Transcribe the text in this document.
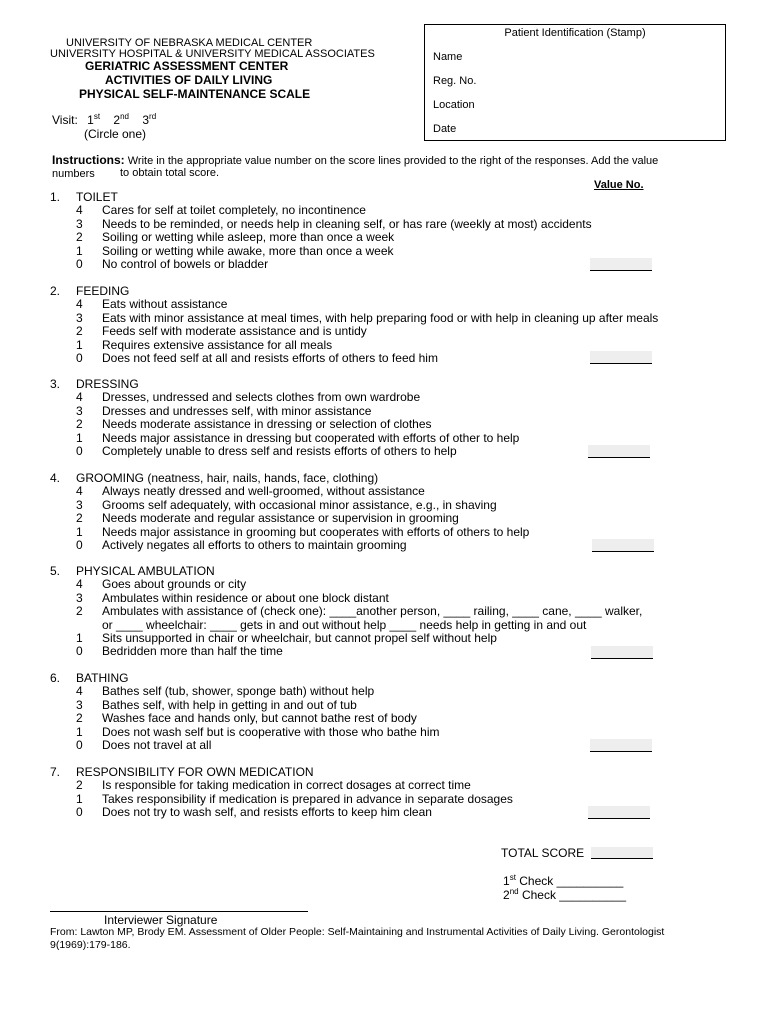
UNIVERSITY OF NEBRASKA MEDICAL CENTER
UNIVERSITY HOSPITAL & UNIVERSITY MEDICAL ASSOCIATES
GERIATRIC ASSESSMENT CENTER
ACTIVITIES OF DAILY LIVING
PHYSICAL SELF-MAINTENANCE SCALE
Patient Identification (Stamp)
Name
Reg. No.
Location
Date
Visit: 1st 2nd 3rd
(Circle one)
Instructions: Write in the appropriate value number on the score lines provided to the right of the responses. Add the value numbers	to obtain total score.
Value No.
1. TOILET
4 Cares for self at toilet completely, no incontinence
3 Needs to be reminded, or needs help in cleaning self, or has rare (weekly at most) accidents
2 Soiling or wetting while asleep, more than once a week
1 Soiling or wetting while awake, more than once a week
0 No control of bowels or bladder
2. FEEDING
4 Eats without assistance
3 Eats with minor assistance at meal times, with help preparing food or with help in cleaning up after meals
2 Feeds self with moderate assistance and is untidy
1 Requires extensive assistance for all meals
0 Does not feed self at all and resists efforts of others to feed him
3. DRESSING
4 Dresses, undressed and selects clothes from own wardrobe
3 Dresses and undresses self, with minor assistance
2 Needs moderate assistance in dressing or selection of clothes
1 Needs major assistance in dressing but cooperated with efforts of other to help
0 Completely unable to dress self and resists efforts of others to help
4. GROOMING (neatness, hair, nails, hands, face, clothing)
4 Always neatly dressed and well-groomed, without assistance
3 Grooms self adequately, with occasional minor assistance, e.g., in shaving
2 Needs moderate and regular assistance or supervision in grooming
1 Needs major assistance in grooming but cooperates with efforts of others to help
0 Actively negates all efforts to others to maintain grooming
5. PHYSICAL AMBULATION
4 Goes about grounds or city
3 Ambulates within residence or about one block distant
2 Ambulates with assistance of (check one): ____another person, ____ railing, ____ cane, ____ walker,
or ____ wheelchair: ____ gets in and out without help ____ needs help in getting in and out
1 Sits unsupported in chair or wheelchair, but cannot propel self without help
0 Bedridden more than half the time
6. BATHING
4 Bathes self (tub, shower, sponge bath) without help
3 Bathes self, with help in getting in and out of tub
2 Washes face and hands only, but cannot bathe rest of body
1 Does not wash self but is cooperative with those who bathe him
0 Does not travel at all
7. RESPONSIBILITY FOR OWN MEDICATION
2 Is responsible for taking medication in correct dosages at correct time
1 Takes responsibility if medication is prepared in advance in separate dosages
0 Does not try to wash self, and resists efforts to keep him clean
TOTAL SCORE
1st Check __________
2nd Check __________
Interviewer Signature
From: Lawton MP, Brody EM. Assessment of Older People: Self-Maintaining and Instrumental Activities of Daily Living. Gerontologist 9(1969):179-186.
